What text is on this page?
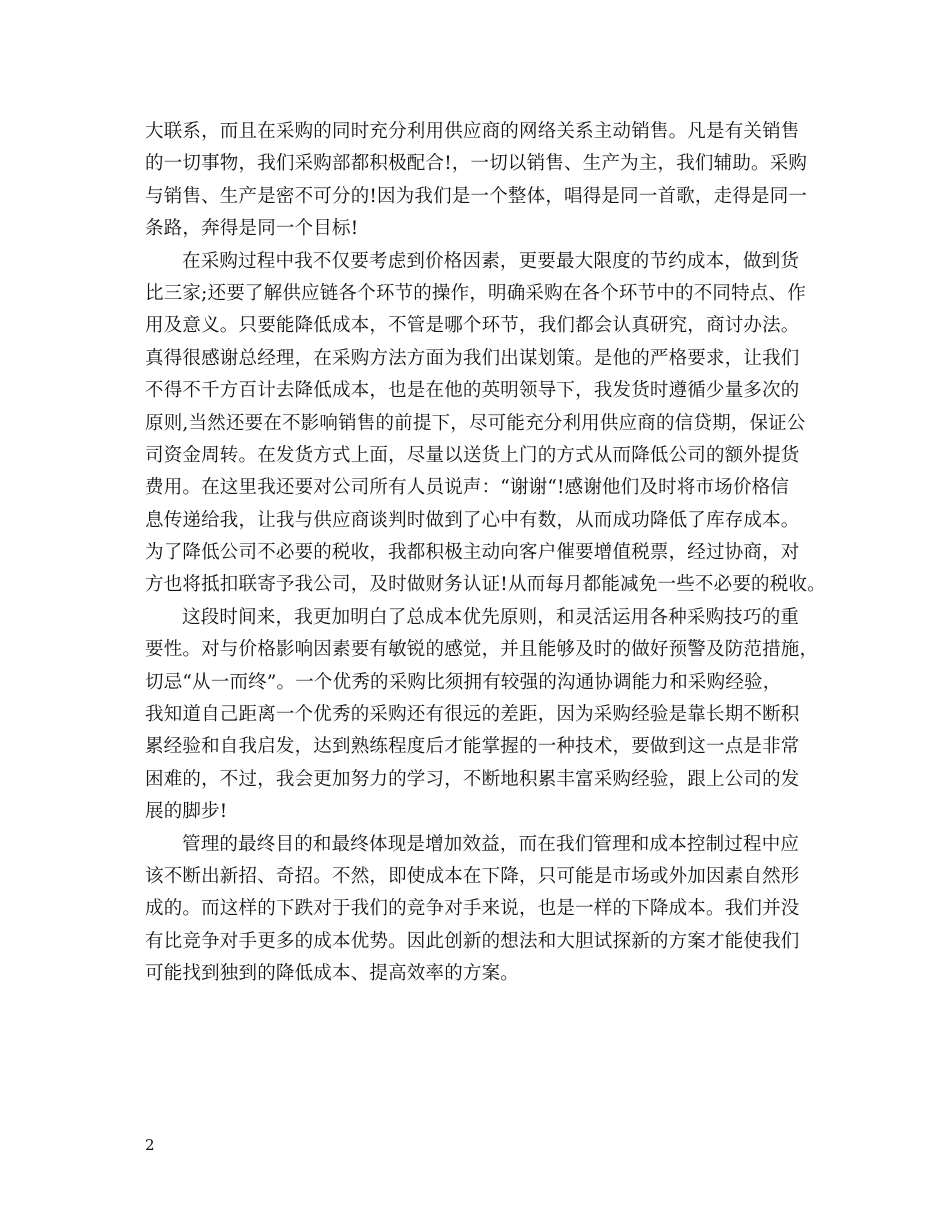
大联系，而且在采购的同时充分利用供应商的网络关系主动销售。凡是有关销售
的一切事物，我们采购部都积极配合!，一切以销售、生产为主，我们辅助。采购
与销售、生产是密不可分的!因为我们是一个整体，唱得是同一首歌，走得是同一
条路，奔得是同一个目标!
在采购过程中我不仅要考虑到价格因素，更要最大限度的节约成本，做到货
比三家;还要了解供应链各个环节的操作，明确采购在各个环节中的不同特点、作
用及意义。只要能降低成本，不管是哪个环节，我们都会认真研究，商讨办法。
真得很感谢总经理，在采购方法方面为我们出谋划策。是他的严格要求，让我们
不得不千方百计去降低成本，也是在他的英明领导下，我发货时遵循少量多次的
原则,当然还要在不影响销售的前提下，尽可能充分利用供应商的信贷期，保证公
司资金周转。在发货方式上面，尽量以送货上门的方式从而降低公司的额外提货
费用。在这里我还要对公司所有人员说声：“谢谢“!感谢他们及时将市场价格信
息传递给我，让我与供应商谈判时做到了心中有数，从而成功降低了库存成本。
为了降低公司不必要的税收，我都积极主动向客户催要增值税票，经过协商，对
方也将抵扣联寄予我公司，及时做财务认证!从而每月都能减免一些不必要的税收。
这段时间来，我更加明白了总成本优先原则，和灵活运用各种采购技巧的重
要性。对与价格影响因素要有敏锐的感觉，并且能够及时的做好预警及防范措施，
切忌“从一而终”。一个优秀的采购比须拥有较强的沟通协调能力和采购经验，
我知道自己距离一个优秀的采购还有很远的差距，因为采购经验是靠长期不断积
累经验和自我启发，达到熟练程度后才能掌握的一种技术，要做到这一点是非常
困难的，不过，我会更加努力的学习，不断地积累丰富采购经验，跟上公司的发
展的脚步!
管理的最终目的和最终体现是增加效益，而在我们管理和成本控制过程中应
该不断出新招、奇招。不然，即使成本在下降，只可能是市场或外加因素自然形
成的。而这样的下跌对于我们的竞争对手来说，也是一样的下降成本。我们并没
有比竞争对手更多的成本优势。因此创新的想法和大胆试探新的方案才能使我们
可能找到独到的降低成本、提高效率的方案。
2
